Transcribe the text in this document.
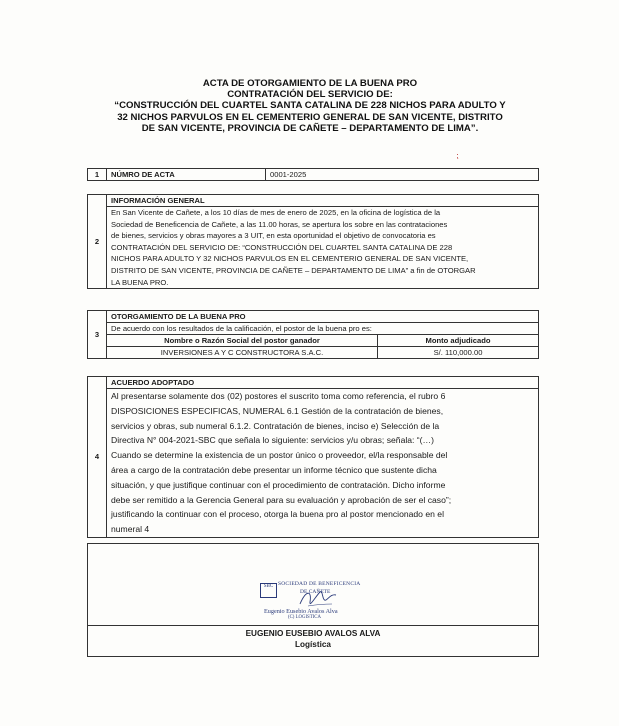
ACTA DE OTORGAMIENTO DE LA BUENA PRO
CONTRATACIÓN DEL SERVICIO DE:
“CONSTRUCCIÓN DEL CUARTEL SANTA CATALINA DE 228 NICHOS PARA ADULTO Y
32 NICHOS PARVULOS EN EL CEMENTERIO GENERAL DE SAN VICENTE, DISTRITO
DE SAN VICENTE, PROVINCIA DE CAÑETE – DEPARTAMENTO DE LIMA”.
⁏
1	NÚMRO DE ACTA	0001-2025
2	INFORMACIÓN GENERAL

En San Vicente de Cañete, a los 10 días de mes de enero de 2025, en la oficina de logística de la
Sociedad de Beneficencia de Cañete, a las 11.00 horas, se apertura los sobre en las contrataciones
de bienes, servicios y obras mayores a 3 UIT, en esta oportunidad el objetivo de convocatoria es
CONTRATACIÓN DEL SERVICIO DE: “CONSTRUCCIÓN DEL CUARTEL SANTA CATALINA DE 228
NICHOS PARA ADULTO Y 32 NICHOS PARVULOS EN EL CEMENTERIO GENERAL DE SAN VICENTE,
DISTRITO DE SAN VICENTE, PROVINCIA DE CAÑETE – DEPARTAMENTO DE LIMA” a fin de OTORGAR
LA BUENA PRO.
3	OTORGAMIENTO DE LA BUENA PRO
De acuerdo con los resultados de la calificación, el postor de la buena pro es:

Nombre o Razón Social del postor ganador	Monto adjudicado
INVERSIONES A Y C CONSTRUCTORA S.A.C.	S/. 110,000.00
4	ACUERDO ADOPTADO

Al presentarse solamente dos (02) postores el suscrito toma como referencia, el rubro 6
DISPOSICIONES ESPECIFICAS, NUMERAL 6.1 Gestión de la contratación de bienes,
servicios y obras, sub numeral 6.1.2. Contratación de bienes, inciso e) Selección de la
Directiva N° 004-2021-SBC que señala lo siguiente: servicios y/u obras; señala: “(…)
Cuando se determine la existencia de un postor único o proveedor, el/la responsable del
área a cargo de la contratación debe presentar un informe técnico que sustente dicha
situación, y que justifique continuar con el procedimiento de contratación. Dicho informe
debe ser remitido a la Gerencia General para su evaluación y aprobación de ser el caso”;
justificando la continuar con el proceso, otorga la buena pro al postor mencionado en el
numeral 4
SBC SOCIEDAD DE BENEFICENCIA
DE CAÑETE
Eugenio Eusebio Avalos Alva
(C) LOGISTICA
EUGENIO EUSEBIO AVALOS ALVA
Logística
